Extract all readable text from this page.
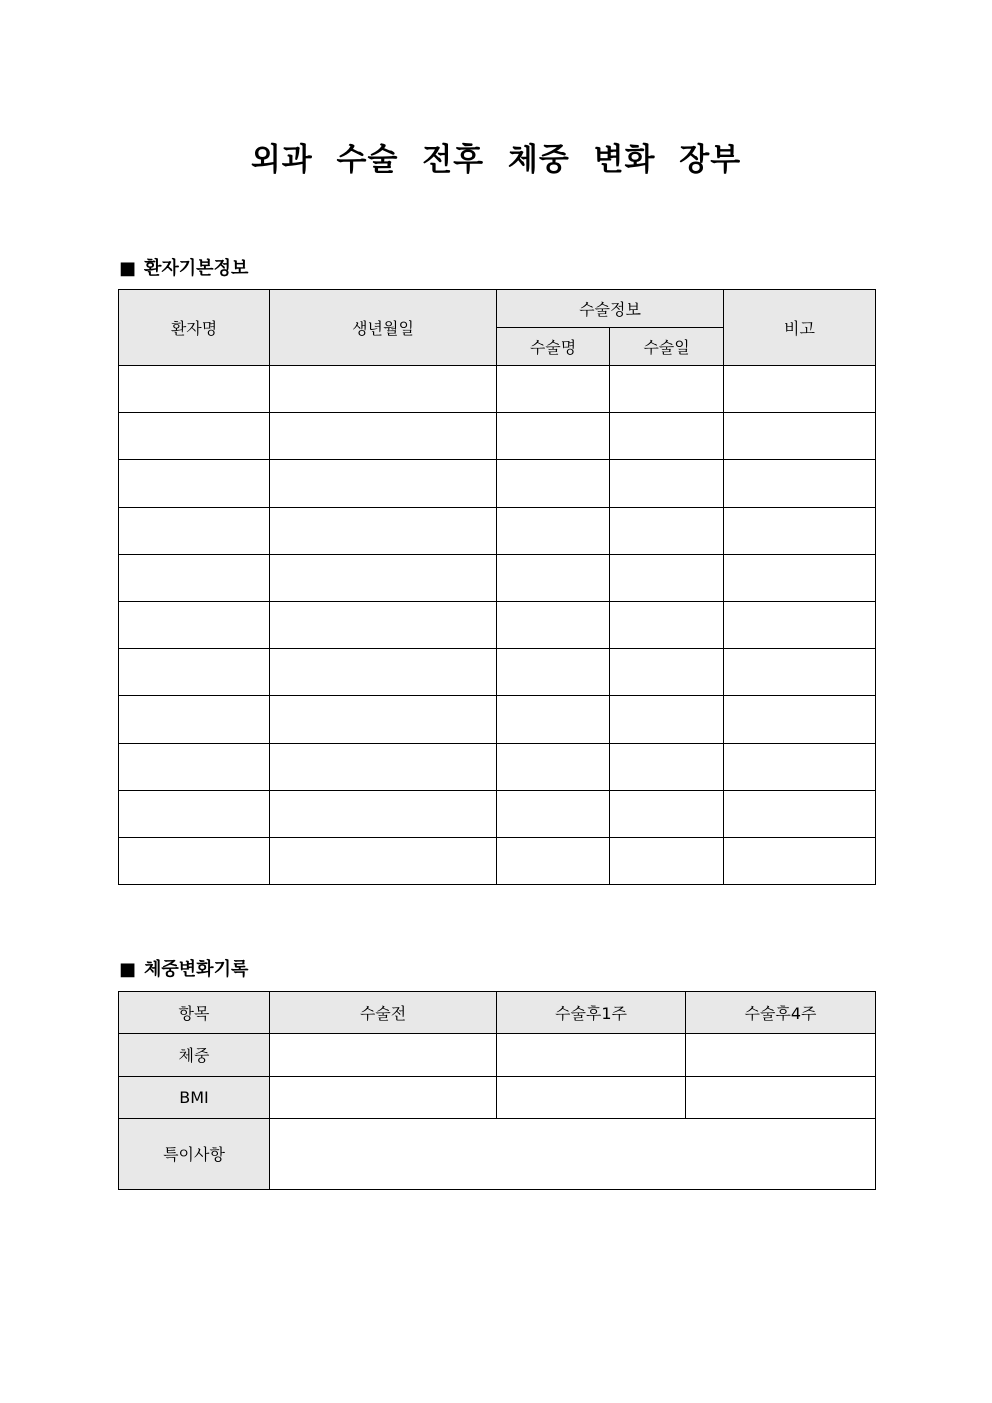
외과 수술 전후 체중 변화 장부
■ 환자기본정보
환자명	생년월일	수술정보		비고
		수술명	수술일	

■ 체중변화기록
항목	수술전	수술후1주	수술후4주
체중			
BMI			
특이사항			
